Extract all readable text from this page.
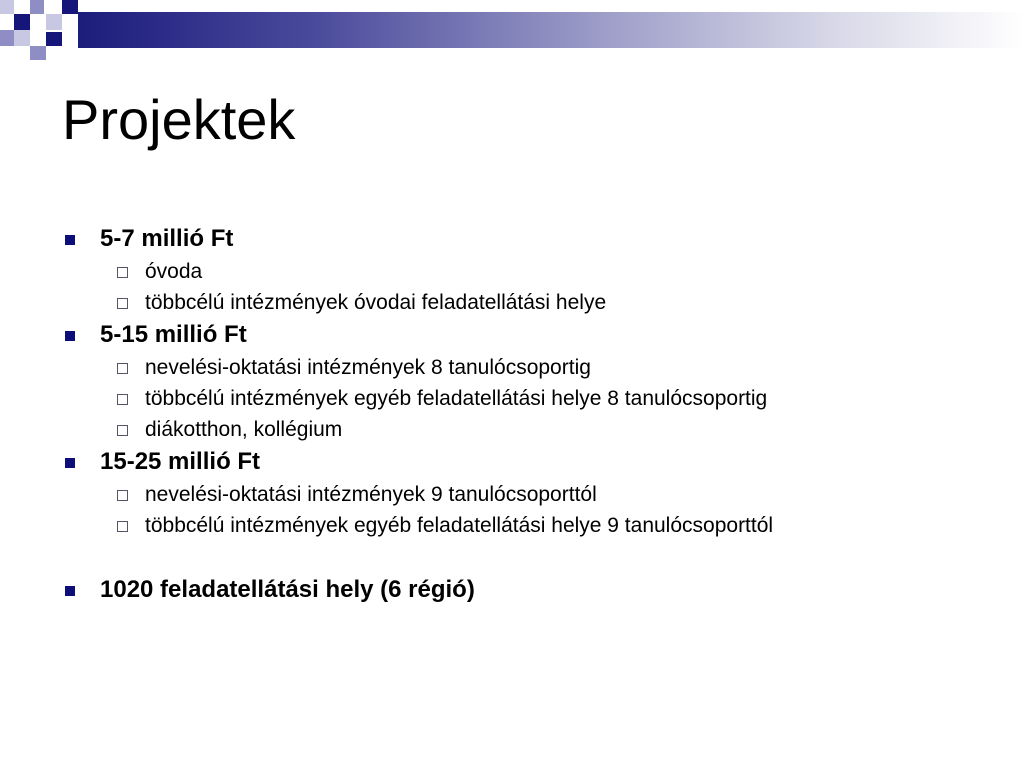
Projektek
5-7 millió Ft
óvoda
többcélú intézmények óvodai feladatellátási helye
5-15 millió Ft
nevelési-oktatási intézmények 8 tanulócsoportig
többcélú intézmények egyéb feladatellátási helye 8 tanulócsoportig
diákotthon, kollégium
15-25 millió Ft
nevelési-oktatási intézmények 9 tanulócsoporttól
többcélú intézmények egyéb feladatellátási helye 9 tanulócsoporttól
1020 feladatellátási hely (6 régió)
